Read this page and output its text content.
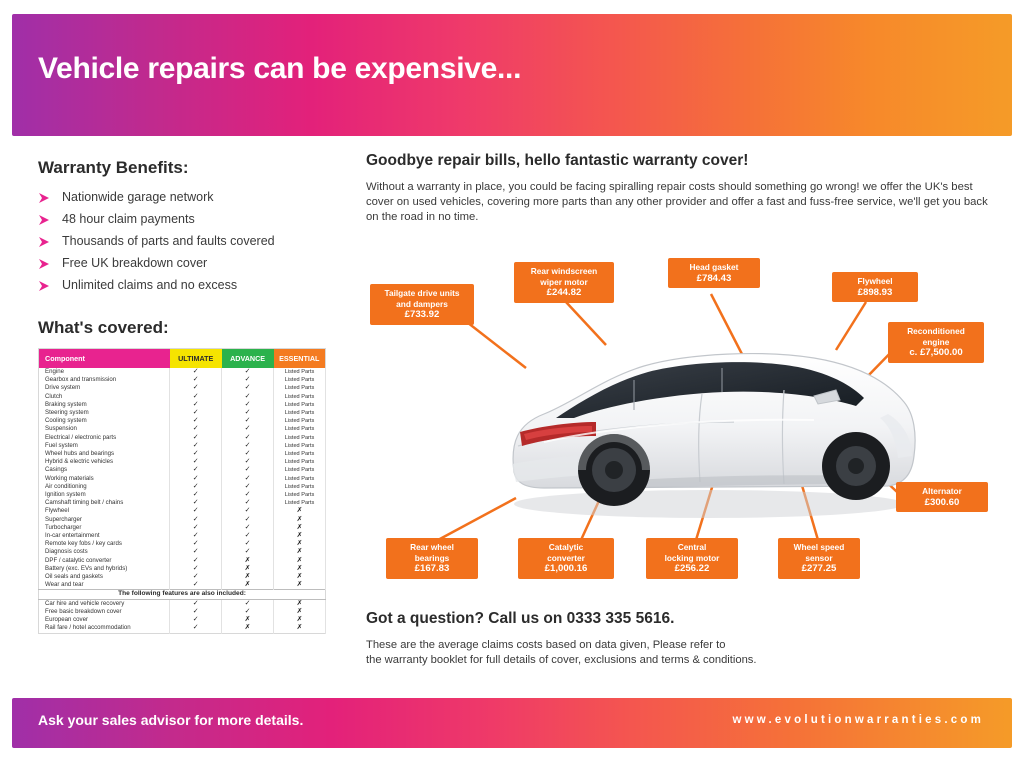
Vehicle repairs can be expensive...
Warranty Benefits:
Nationwide garage network
48 hour claim payments
Thousands of parts and faults covered
Free UK breakdown cover
Unlimited claims and no excess
What's covered:
Component	ULTIMATE	ADVANCE	ESSENTIAL
Engine	✓	✓	Listed Parts
Gearbox and transmission	✓	✓	Listed Parts
Drive system	✓	✓	Listed Parts
Clutch	✓	✓	Listed Parts
Braking system	✓	✓	Listed Parts
Steering system	✓	✓	Listed Parts
Cooling system	✓	✓	Listed Parts
Suspension	✓	✓	Listed Parts
Electrical / electronic parts	✓	✓	Listed Parts
Fuel system	✓	✓	Listed Parts
Wheel hubs and bearings	✓	✓	Listed Parts
Hybrid & electric vehicles	✓	✓	Listed Parts
Casings	✓	✓	Listed Parts
Working materials	✓	✓	Listed Parts
Air conditioning	✓	✓	Listed Parts
Ignition system	✓	✓	Listed Parts
Camshaft timing belt / chains	✓	✓	Listed Parts
Flywheel	✓	✓	✗
Supercharger	✓	✓	✗
Turbocharger	✓	✓	✗
In-car entertainment	✓	✓	✗
Remote key fobs / key cards	✓	✓	✗
Diagnosis costs	✓	✓	✗
DPF / catalytic converter	✓	✗	✗
Battery (exc. EVs and hybrids)	✓	✗	✗
Oil seals and gaskets	✓	✗	✗
Wear and tear	✓	✗	✗
The following features are also included:			
Car hire and vehicle recovery	✓	✓	✗
Free basic breakdown cover	✓	✓	✗
European cover	✓	✗	✗
Rail fare / hotel accommodation	✓	✗	✗
Goodbye repair bills, hello fantastic warranty cover!
Without a warranty in place, you could be facing spiralling repair costs should something go wrong! we offer the UK's best cover on used vehicles, covering more parts than any other provider and offer a fast and fuss-free service, we'll get you back on the road in no time.
Tailgate drive units
and dampers
£733.92
Rear windscreen
wiper motor
£244.82
Head gasket
£784.43	Flywheel
£898.93
Reconditioned
engine
c. £7,500.00
Alternator
£300.60
Wheel speed
sensor
£277.25
Central
locking motor
£256.22
Catalytic
converter
£1,000.16
Rear wheel
bearings
£167.83
Got a question? Call us on 0333 335 5616.
These are the average claims costs based on data given, Please refer to
the warranty booklet for full details of cover, exclusions and terms & conditions.
Ask your sales advisor for more details.	www.evolutionwarranties.com
